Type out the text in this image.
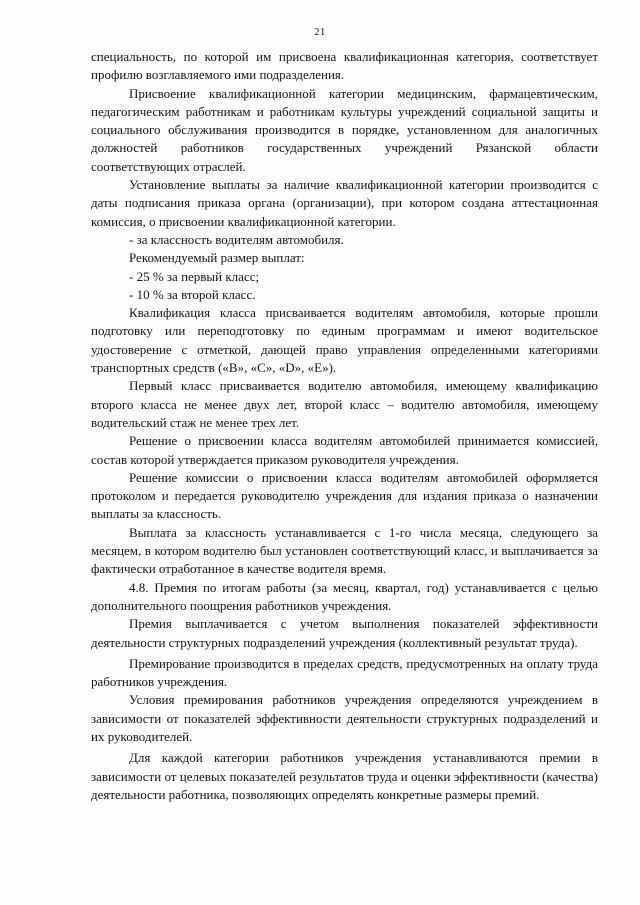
21

специальность, по которой им присвоена квалификационная категория, соответствует профилю возглавляемого ими подразделения.

Присвоение квалификационной категории медицинским, фармацевтическим, педагогическим работникам и работникам культуры учреждений социальной защиты и социального обслуживания производится в порядке, установленном для аналогичных должностей работников государственных учреждений Рязанской области соответствующих отраслей.

Установление выплаты за наличие квалификационной категории производится с даты подписания приказа органа (организации), при котором создана аттестационная комиссия, о присвоении квалификационной категории.

- за классность водителям автомобиля.

Рекомендуемый размер выплат:

- 25 % за первый класс;

- 10 % за второй класс.

Квалификация класса присваивается водителям автомобиля, которые прошли подготовку или переподготовку по единым программам и имеют водительское удостоверение с отметкой, дающей право управления определенными категориями транспортных средств («B», «C», «D», «E»).

Первый класс присваивается водителю автомобиля, имеющему квалификацию второго класса не менее двух лет, второй класс – водителю автомобиля, имеющему водительский стаж не менее трех лет.

Решение о присвоении класса водителям автомобилей принимается комиссией, состав которой утверждается приказом руководителя учреждения.

Решение комиссии о присвоении класса водителям автомобилей оформляется протоколом и передается руководителю учреждения для издания приказа о назначении выплаты за классность.

Выплата за классность устанавливается с 1-го числа месяца, следующего за месяцем, в котором водителю был установлен соответствующий класс, и выплачивается за фактически отработанное в качестве водителя время.

4.8. Премия по итогам работы (за месяц, квартал, год) устанавливается с целью дополнительного поощрения работников учреждения.

Премия выплачивается с учетом выполнения показателей эффективности деятельности структурных подразделений учреждения (коллективный результат труда).

Премирование производится в пределах средств, предусмотренных на оплату труда работников учреждения.

Условия премирования работников учреждения определяются учреждением в зависимости от показателей эффективности деятельности структурных подразделений и их руководителей.

Для каждой категории работников учреждения устанавливаются премии в зависимости от целевых показателей результатов труда и оценки эффективности (качества) деятельности работника, позволяющих определять конкретные размеры премий.
